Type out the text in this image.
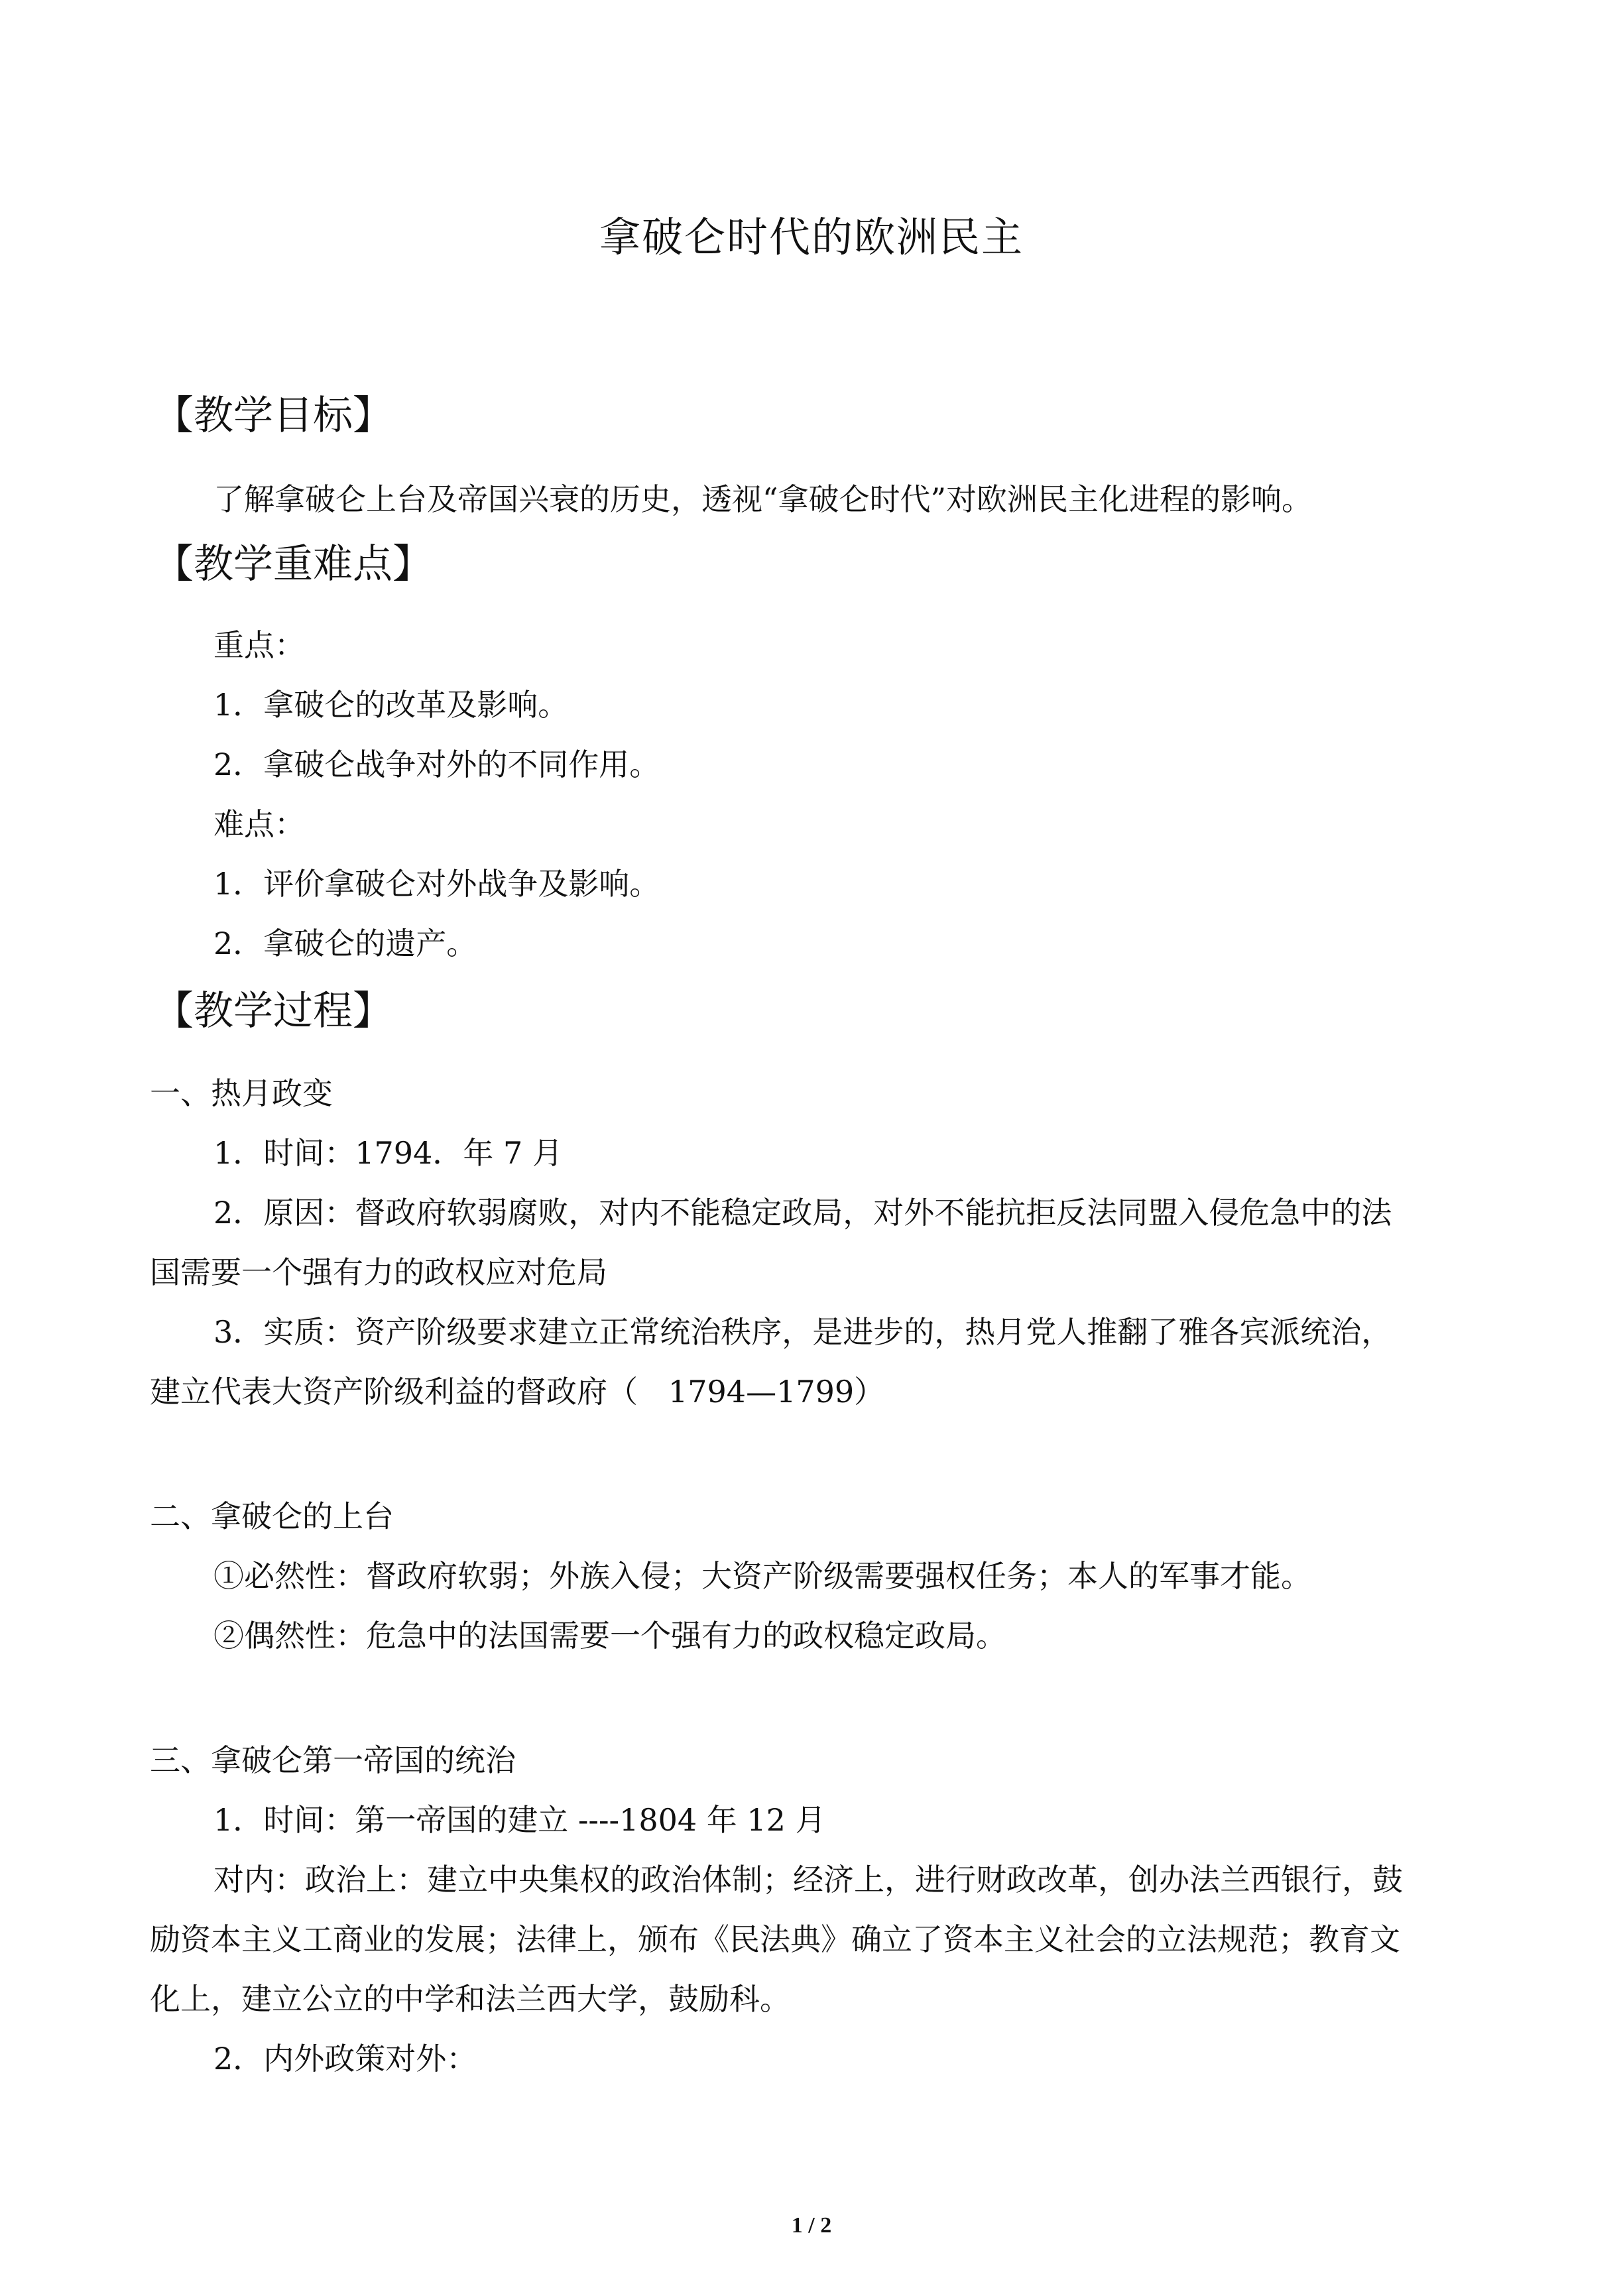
拿破仑时代的欧洲民主
【教学目标】
了解拿破仑上台及帝国兴衰的历史，透视“拿破仑时代”对欧洲民主化进程的影响。
【教学重难点】
重点：
1．拿破仑的改革及影响。
2．拿破仑战争对外的不同作用。
难点：
1．评价拿破仑对外战争及影响。
2．拿破仑的遗产。
【教学过程】
一、热月政变
1．时间：1794．年 7 月
2．原因：督政府软弱腐败，对内不能稳定政局，对外不能抗拒反法同盟入侵危急中的法
国需要一个强有力的政权应对危局
3．实质：资产阶级要求建立正常统治秩序，是进步的，热月党人推翻了雅各宾派统治，
建立代表大资产阶级利益的督政府（　1794—1799）
二、拿破仑的上台
①必然性：督政府软弱；外族入侵；大资产阶级需要强权任务；本人的军事才能。
②偶然性：危急中的法国需要一个强有力的政权稳定政局。
三、拿破仑第一帝国的统治
1．时间：第一帝国的建立 ----1804 年 12 月
对内：政治上：建立中央集权的政治体制；经济上，进行财政改革，创办法兰西银行，鼓
励资本主义工商业的发展；法律上，颁布《民法典》确立了资本主义社会的立法规范；教育文
化上，建立公立的中学和法兰西大学，鼓励科。
2．内外政策对外：
1 / 2
